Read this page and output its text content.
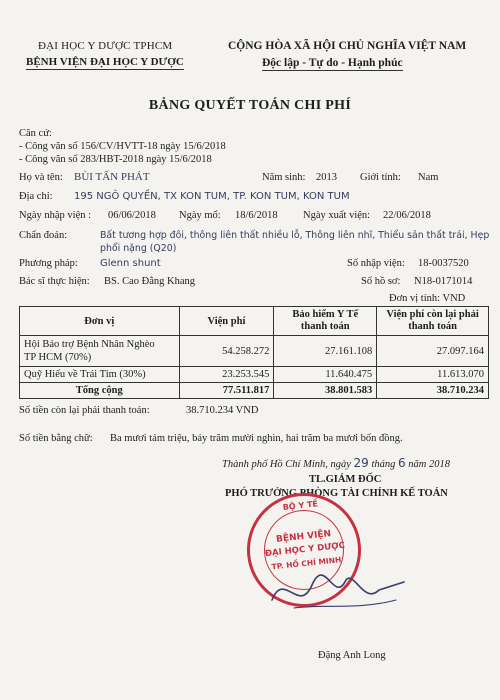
ĐẠI HỌC Y DƯỢC TPHCM
BỆNH VIỆN ĐẠI HỌC Y DƯỢC
CỘNG HÒA XÃ HỘI CHỦ NGHĨA VIỆT NAM
Độc lập - Tự do - Hạnh phúc
BẢNG QUYẾT TOÁN CHI PHÍ
Căn cứ:
- Công văn số 156/CV/HVTT-18 ngày 15/6/2018
- Công văn số 283/HBT-2018 ngày 15/6/2018
Họ và tên: BÙI TẤN PHÁT	Năm sinh: 2013 Giới tính: Nam
Địa chỉ: 195 NGÔ QUYỀN, TX KON TUM, TP. KON TUM, KON TUM
Ngày nhập viện : 06/06/2018 Ngày mổ: 18/6/2018 Ngày xuất viện: 22/06/2018
Chẩn đoán:	Bất tương hợp đôi, thông liên thất nhiều lỗ, Thông liên nhĩ, Thiểu sản thất trái, Hẹp
phổi nặng (Q20)
Phương pháp: Glenn shunt	Số nhập viện: 18-0037520
Bác sĩ thực hiện: BS. Cao Đằng Khang	Số hồ sơ: N18-0171014
Đơn vị tính: VND
Đơn vị	Viện phí	Bảo hiểm Y Tế thanh toán	Viện phí còn lại phải thanh toán
Hội Bảo trợ Bệnh Nhân Nghèo
TP HCM (70%)	54.258.272	27.161.108	27.097.164
Quỹ Hiếu về Trái Tim (30%)	23.253.545	11.640.475	11.613.070
Tổng cộng	77.511.817	38.801.583	38.710.234
Số tiền còn lại phải thanh toán:	38.710.234 VND
Số tiền bằng chữ: Ba mươi tám triệu, bảy trăm mười nghìn, hai trăm ba mươi bốn đồng.
Thành phố Hồ Chí Minh, ngày 29 tháng 6 năm 2018
TL.GIÁM ĐỐC
PHÓ TRƯỞNG PHÒNG TÀI CHÍNH KẾ TOÁN
BỘ Y TẾ
BỆNH VIỆN
ĐẠI HỌC Y DƯỢC
TP. HỒ CHÍ MINH
Đặng Anh Long
